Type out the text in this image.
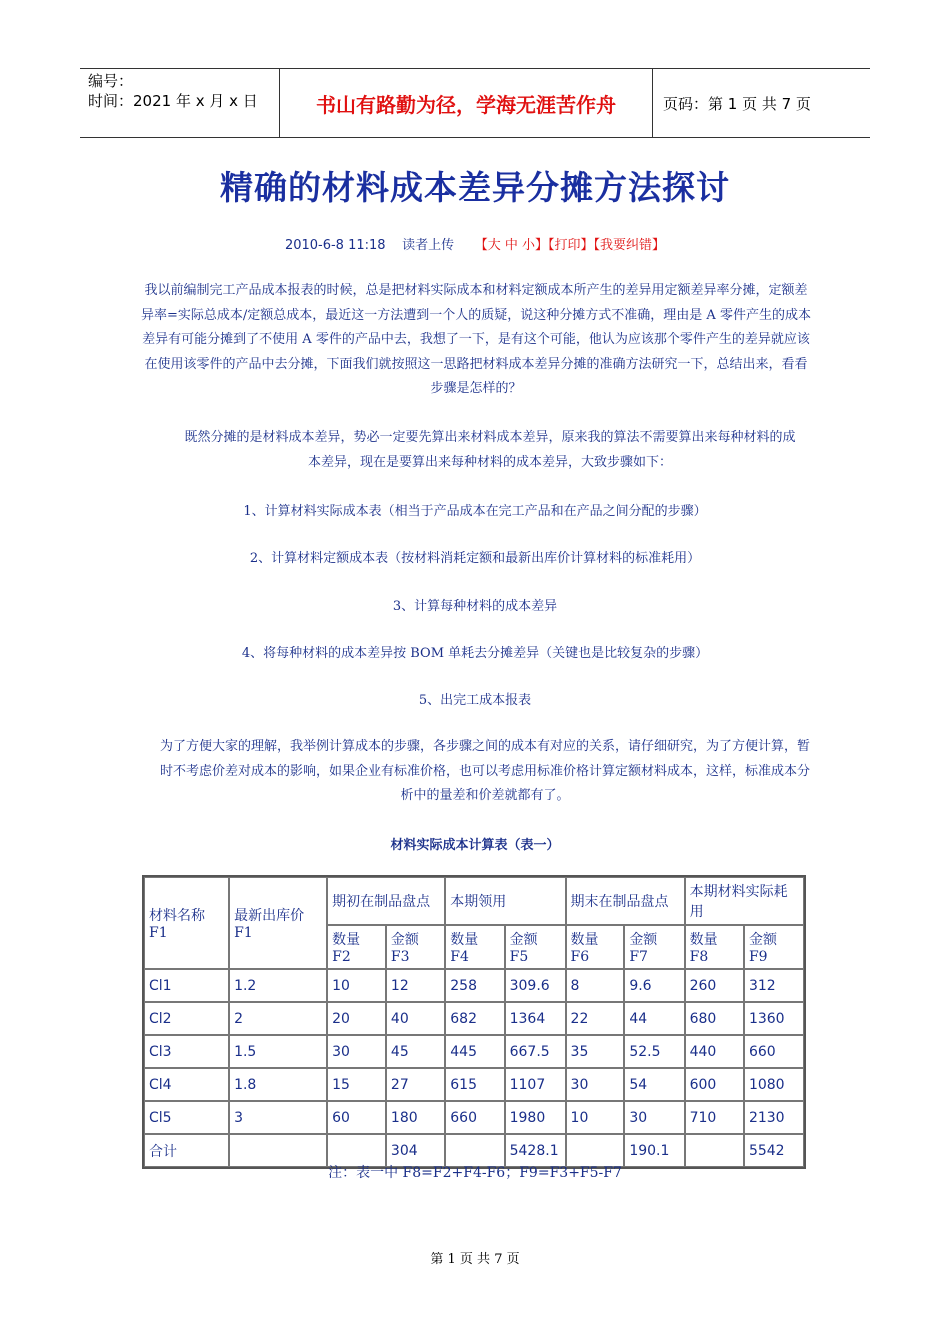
编号：
时间：2021 年 x 月 x 日	书山有路勤为径，学海无涯苦作舟	页码：第 1 页 共 7 页
精确的材料成本差异分摊方法探讨
2010-6-8 11:18 读者上传 【大 中 小】【打印】【我要纠错】
我以前编制完工产品成本报表的时候，总是把材料实际成本和材料定额成本所产生的差异用定额差异率分摊，定额差异率=实际总成本/定额总成本，最近这一方法遭到一个人的质疑，说这种分摊方式不准确，理由是 A 零件产生的成本差异有可能分摊到了不使用 A 零件的产品中去，我想了一下，是有这个可能，他认为应该那个零件产生的差异就应该在使用该零件的产品中去分摊，下面我们就按照这一思路把材料成本差异分摊的准确方法研究一下，总结出来，看看步骤是怎样的？
既然分摊的是材料成本差异，势必一定要先算出来材料成本差异，原来我的算法不需要算出来每种材料的成本差异，现在是要算出来每种材料的成本差异，大致步骤如下：
1、计算材料实际成本表（相当于产品成本在完工产品和在产品之间分配的步骤）
2、计算材料定额成本表（按材料消耗定额和最新出库价计算材料的标准耗用）
3、计算每种材料的成本差异
4、将每种材料的成本差异按 BOM 单耗去分摊差异（关键也是比较复杂的步骤）
5、出完工成本报表
为了方便大家的理解，我举例计算成本的步骤，各步骤之间的成本有对应的关系，请仔细研究，为了方便计算，暂时不考虑价差对成本的影响，如果企业有标准价格，也可以考虑用标准价格计算定额材料成本，这样，标准成本分析中的量差和价差就都有了。
材料实际成本计算表（表一）
材料名称 F1	最新出库价 F1	期初在制品盘点		本期领用		期末在制品盘点		本期材料实际耗用	
		数量 F2	金额 F3	数量 F4	金额 F5	数量 F6	金额 F7	数量 F8	金额 F9
Cl1	1.2	10	12	258	309.6	8	9.6	260	312
Cl2	2	20	40	682	1364	22	44	680	1360
Cl3	1.5	30	45	445	667.5	35	52.5	440	660
Cl4	1.8	15	27	615	1107	30	54	600	1080
Cl5	3	60	180	660	1980	10	30	710	2130
合计			304		5428.1		190.1		5542
注：表一中 F8=F2+F4-F6；F9=F3+F5-F7
第 1 页 共 7 页
